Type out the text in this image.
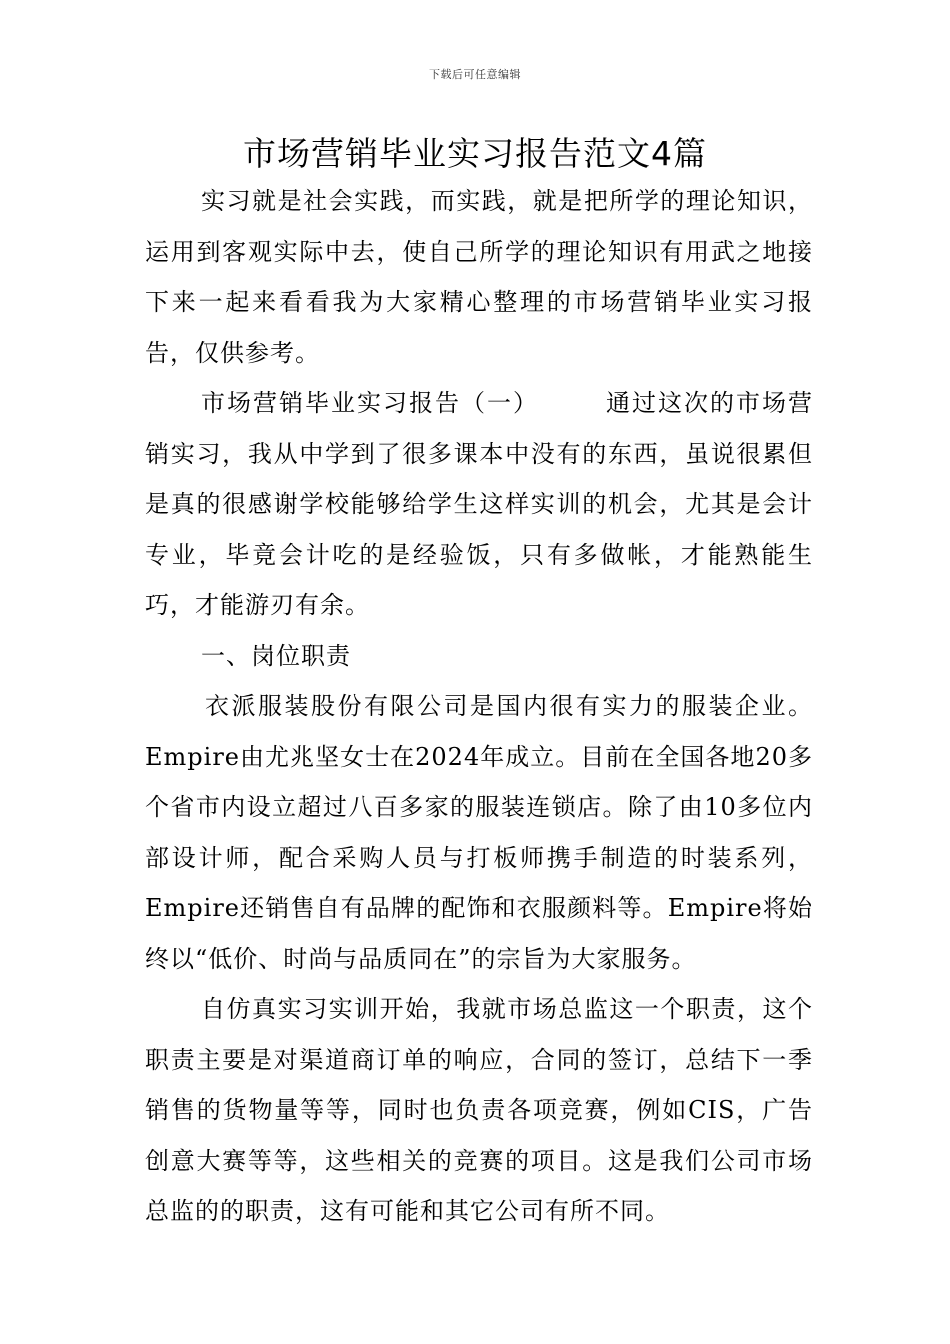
下载后可任意编辑
市场营销毕业实习报告范文4篇

实习就是社会实践，而实践，就是把所学的理论知识，运用到客观实际中去，使自己所学的理论知识有用武之地接下来一起来看看我为大家精心整理的市场营销毕业实习报告，仅供参考。

市场营销毕业实习报告（一）	通过这次的市场营销实习，我从中学到了很多课本中没有的东西，虽说很累但是真的很感谢学校能够给学生这样实训的机会，尤其是会计专业，毕竟会计吃的是经验饭，只有多做帐，才能熟能生巧，才能游刃有余。

一、岗位职责

衣派服装股份有限公司是国内很有实力的服装企业。Empire由尤兆坚女士在2024年成立。目前在全国各地20多个省市内设立超过八百多家的服装连锁店。除了由10多位内部设计师，配合采购人员与打板师携手制造的时装系列，Empire还销售自有品牌的配饰和衣服颜料等。Empire将始终以“低价、时尚与品质同在”的宗旨为大家服务。

自仿真实习实训开始，我就市场总监这一个职责，这个职责主要是对渠道商订单的响应，合同的签订，总结下一季销售的货物量等等，同时也负责各项竞赛，例如CIS，广告创意大赛等等，这些相关的竞赛的项目。这是我们公司市场总监的的职责，这有可能和其它公司有所不同。
